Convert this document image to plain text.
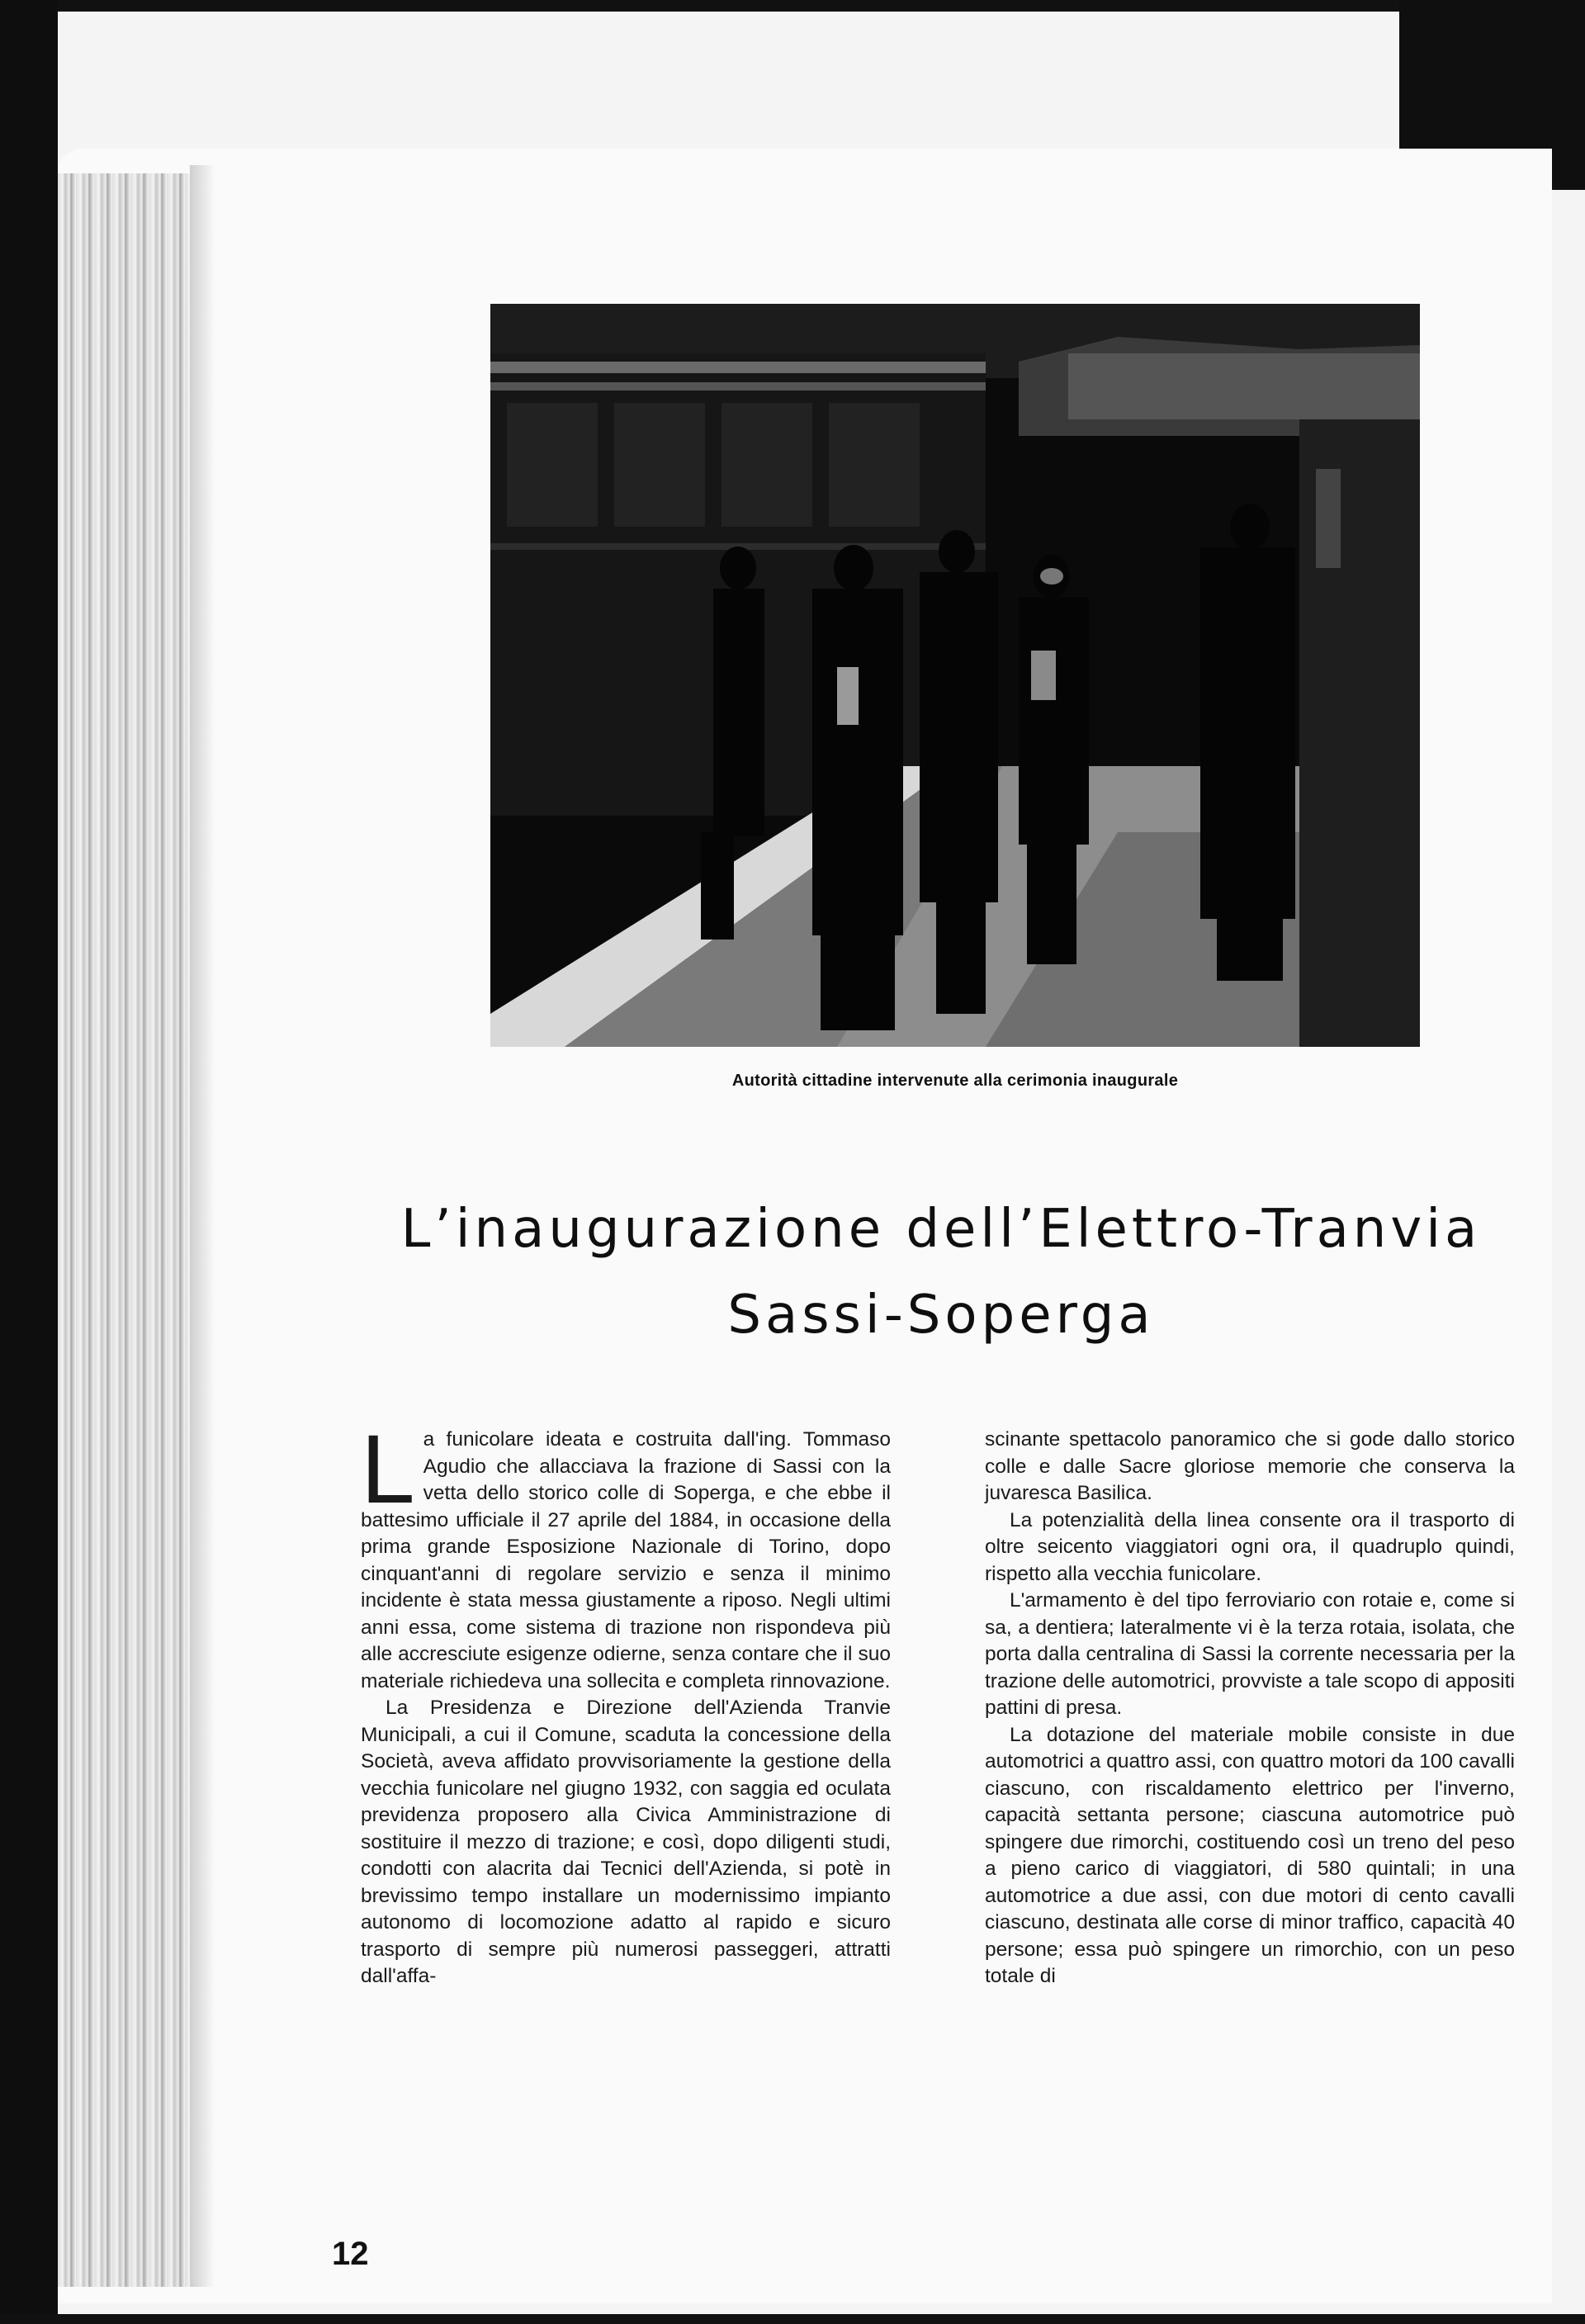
Autorità cittadine intervenute alla cerimonia inaugurale
L’inaugurazione dell’Elettro-Tranvia
Sassi-Soperga

La funicolare ideata e costruita dall'ing. Tommaso Agudio che allacciava la frazione di Sassi con la vetta dello storico colle di Soperga, e che ebbe il battesimo ufficiale il 27 aprile del 1884, in occasione della prima grande Esposizione Nazionale di Torino, dopo cinquant'anni di regolare servizio e senza il minimo incidente è stata messa giustamente a riposo. Negli ultimi anni essa, come sistema di trazione non rispondeva più alle accresciute esigenze odierne, senza contare che il suo materiale richiedeva una sollecita e completa rinnovazione.

La Presidenza e Direzione dell'Azienda Tranvie Municipali, a cui il Comune, scaduta la concessione della Società, aveva affidato provvisoriamente la gestione della vecchia funicolare nel giugno 1932, con saggia ed oculata previdenza proposero alla Civica Amministrazione di sostituire il mezzo di trazione; e così, dopo diligenti studi, condotti con alacrita dai Tecnici dell'Azienda, si potè in brevissimo tempo installare un modernissimo impianto autonomo di locomozione adatto al rapido e sicuro trasporto di sempre più numerosi passeggeri, attratti dall'affa-

scinante spettacolo panoramico che si gode dallo storico colle e dalle Sacre gloriose memorie che conserva la juvaresca Basilica.

La potenzialità della linea consente ora il trasporto di oltre seicento viaggiatori ogni ora, il quadruplo quindi, rispetto alla vecchia funicolare.

L'armamento è del tipo ferroviario con rotaie e, come si sa, a dentiera; lateralmente vi è la terza rotaia, isolata, che porta dalla centralina di Sassi la corrente necessaria per la trazione delle automotrici, provviste a tale scopo di appositi pattini di presa.

La dotazione del materiale mobile consiste in due automotrici a quattro assi, con quattro motori da 100 cavalli ciascuno, con riscaldamento elettrico per l'inverno, capacità settanta persone; ciascuna automotrice può spingere due rimorchi, costituendo così un treno del peso a pieno carico di viaggiatori, di 580 quintali; in una automotrice a due assi, con due motori di cento cavalli ciascuno, destinata alle corse di minor traffico, capacità 40 persone; essa può spingere un rimorchio, con un peso totale di

12
